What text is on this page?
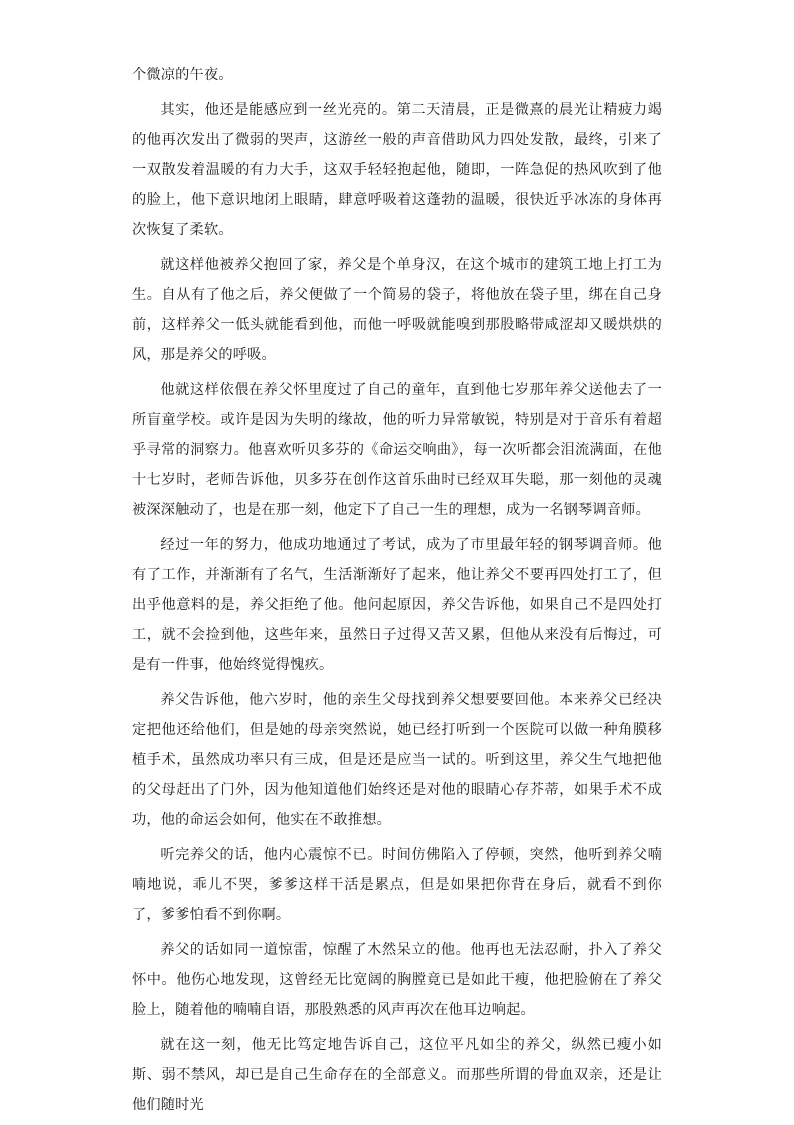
个微凉的午夜。

其实，他还是能感应到一丝光亮的。第二天清晨，正是微熹的晨光让精疲力竭的他再次发出了微弱的哭声，这游丝一般的声音借助风力四处发散，最终，引来了一双散发着温暖的有力大手，这双手轻轻抱起他，随即，一阵急促的热风吹到了他的脸上，他下意识地闭上眼睛，肆意呼吸着这蓬勃的温暖，很快近乎冰冻的身体再次恢复了柔软。

就这样他被养父抱回了家，养父是个单身汉，在这个城市的建筑工地上打工为生。自从有了他之后，养父便做了一个简易的袋子，将他放在袋子里，绑在自己身前，这样养父一低头就能看到他，而他一呼吸就能嗅到那股略带咸涩却又暖烘烘的风，那是养父的呼吸。

他就这样依偎在养父怀里度过了自己的童年，直到他七岁那年养父送他去了一所盲童学校。或许是因为失明的缘故，他的听力异常敏锐，特别是对于音乐有着超乎寻常的洞察力。他喜欢听贝多芬的《命运交响曲》，每一次听都会泪流满面，在他十七岁时，老师告诉他，贝多芬在创作这首乐曲时已经双耳失聪，那一刻他的灵魂被深深触动了，也是在那一刻，他定下了自己一生的理想，成为一名钢琴调音师。

经过一年的努力，他成功地通过了考试，成为了市里最年轻的钢琴调音师。他有了工作，并渐渐有了名气，生活渐渐好了起来，他让养父不要再四处打工了，但出乎他意料的是，养父拒绝了他。他问起原因，养父告诉他，如果自己不是四处打工，就不会捡到他，这些年来，虽然日子过得又苦又累，但他从来没有后悔过，可是有一件事，他始终觉得愧疚。

养父告诉他，他六岁时，他的亲生父母找到养父想要要回他。本来养父已经决定把他还给他们，但是她的母亲突然说，她已经打听到一个医院可以做一种角膜移植手术，虽然成功率只有三成，但是还是应当一试的。听到这里，养父生气地把他的父母赶出了门外，因为他知道他们始终还是对他的眼睛心存芥蒂，如果手术不成功，他的命运会如何，他实在不敢推想。

听完养父的话，他内心震惊不已。时间仿佛陷入了停顿，突然，他听到养父喃喃地说，乖儿不哭，爹爹这样干活是累点，但是如果把你背在身后，就看不到你了，爹爹怕看不到你啊。

养父的话如同一道惊雷，惊醒了木然呆立的他。他再也无法忍耐，扑入了养父怀中。他伤心地发现，这曾经无比宽阔的胸膛竟已是如此干瘦，他把脸俯在了养父脸上，随着他的喃喃自语，那股熟悉的风声再次在他耳边响起。

就在这一刻，他无比笃定地告诉自己，这位平凡如尘的养父，纵然已瘦小如斯、弱不禁风，却已是自己生命存在的全部意义。而那些所谓的骨血双亲，还是让他们随时光
